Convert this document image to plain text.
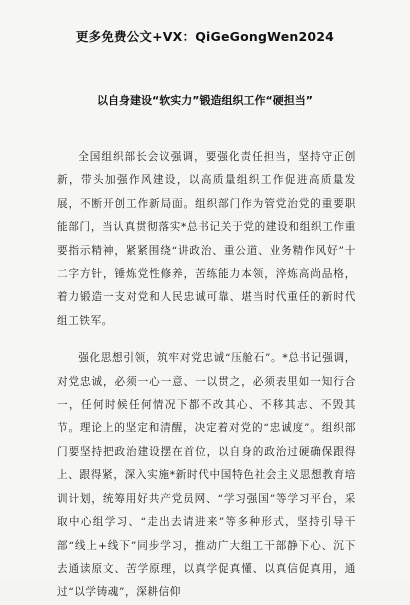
更多免费公文+VX：QiGeGongWen2024
以自身建设“软实力”锻造组织工作“硬担当”

全国组织部长会议强调，要强化责任担当，坚持守正创新，带头加强作风建设，以高质量组织工作促进高质量发展，不断开创工作新局面。组织部门作为管党治党的重要职能部门，当认真贯彻落实*总书记关于党的建设和组织工作重要指示精神，紧紧围绕“讲政治、重公道、业务精作风好”十二字方针，锤炼党性修养，苦练能力本领，淬炼高尚品格，着力锻造一支对党和人民忠诚可靠、堪当时代重任的新时代组工铁军。

强化思想引领，筑牢对党忠诚“压舱石”。*总书记强调，对党忠诚，必须一心一意、一以贯之，必须表里如一知行合一，任何时候任何情况下都不改其心、不移其志、不毁其节。理论上的坚定和清醒，决定着对党的“忠诚度”。组织部门要坚持把政治建设摆在首位，以自身的政治过硬确保跟得上、跟得紧，深入实施*新时代中国特色社会主义思想教育培训计划，统筹用好共产党员网、“学习强国”等学习平台，采取中心组学习、“走出去请进来”等多种形式，坚持引导干部“线上+线下”同步学习，推动广大组工干部静下心、沉下去通读原文、苦学原理，以真学促真懂、以真信促真用，通过“以学铸魂”，深耕信仰
